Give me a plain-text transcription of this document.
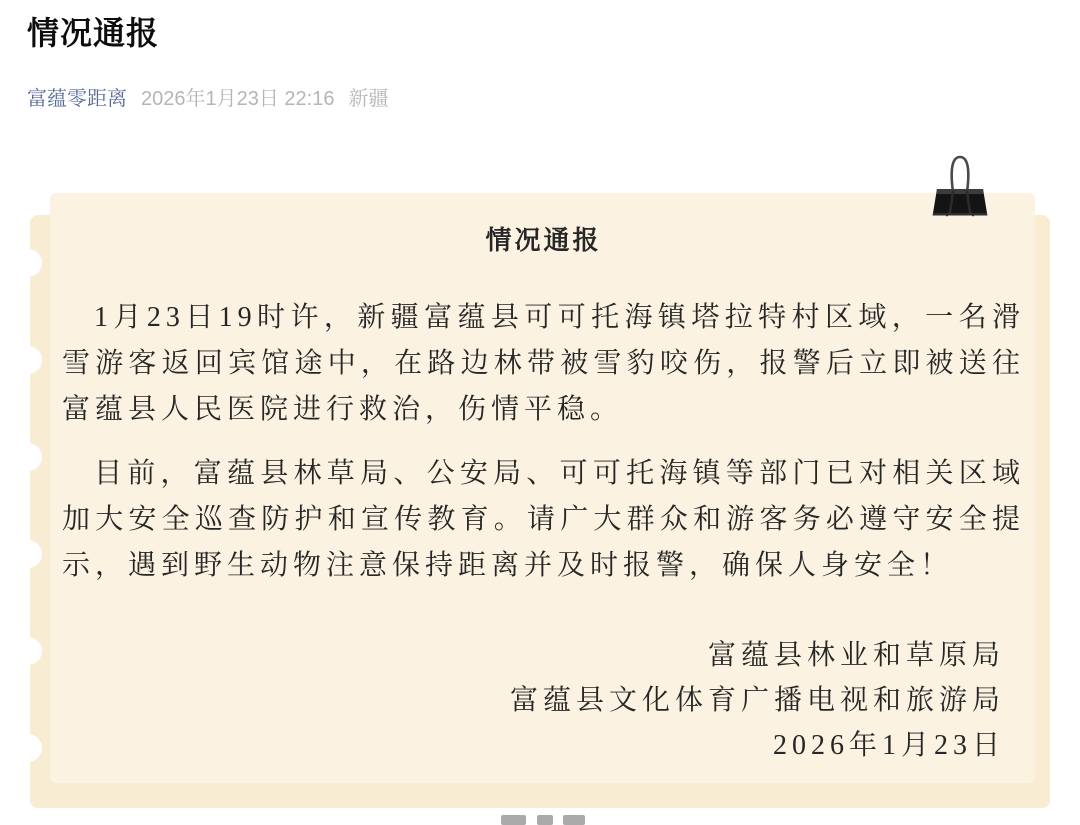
情况通报
富蕴零距离 2026年1月23日 22:16 新疆
情况通报

1月23日19时许，新疆富蕴县可可托海镇塔拉特村区域，一名滑雪游客返回宾馆途中，在路边林带被雪豹咬伤，报警后立即被送往富蕴县人民医院进行救治，伤情平稳。

目前，富蕴县林草局、公安局、可可托海镇等部门已对相关区域加大安全巡查防护和宣传教育。请广大群众和游客务必遵守安全提示，遇到野生动物注意保持距离并及时报警，确保人身安全！

富蕴县林业和草原局
富蕴县文化体育广播电视和旅游局
2026年1月23日
